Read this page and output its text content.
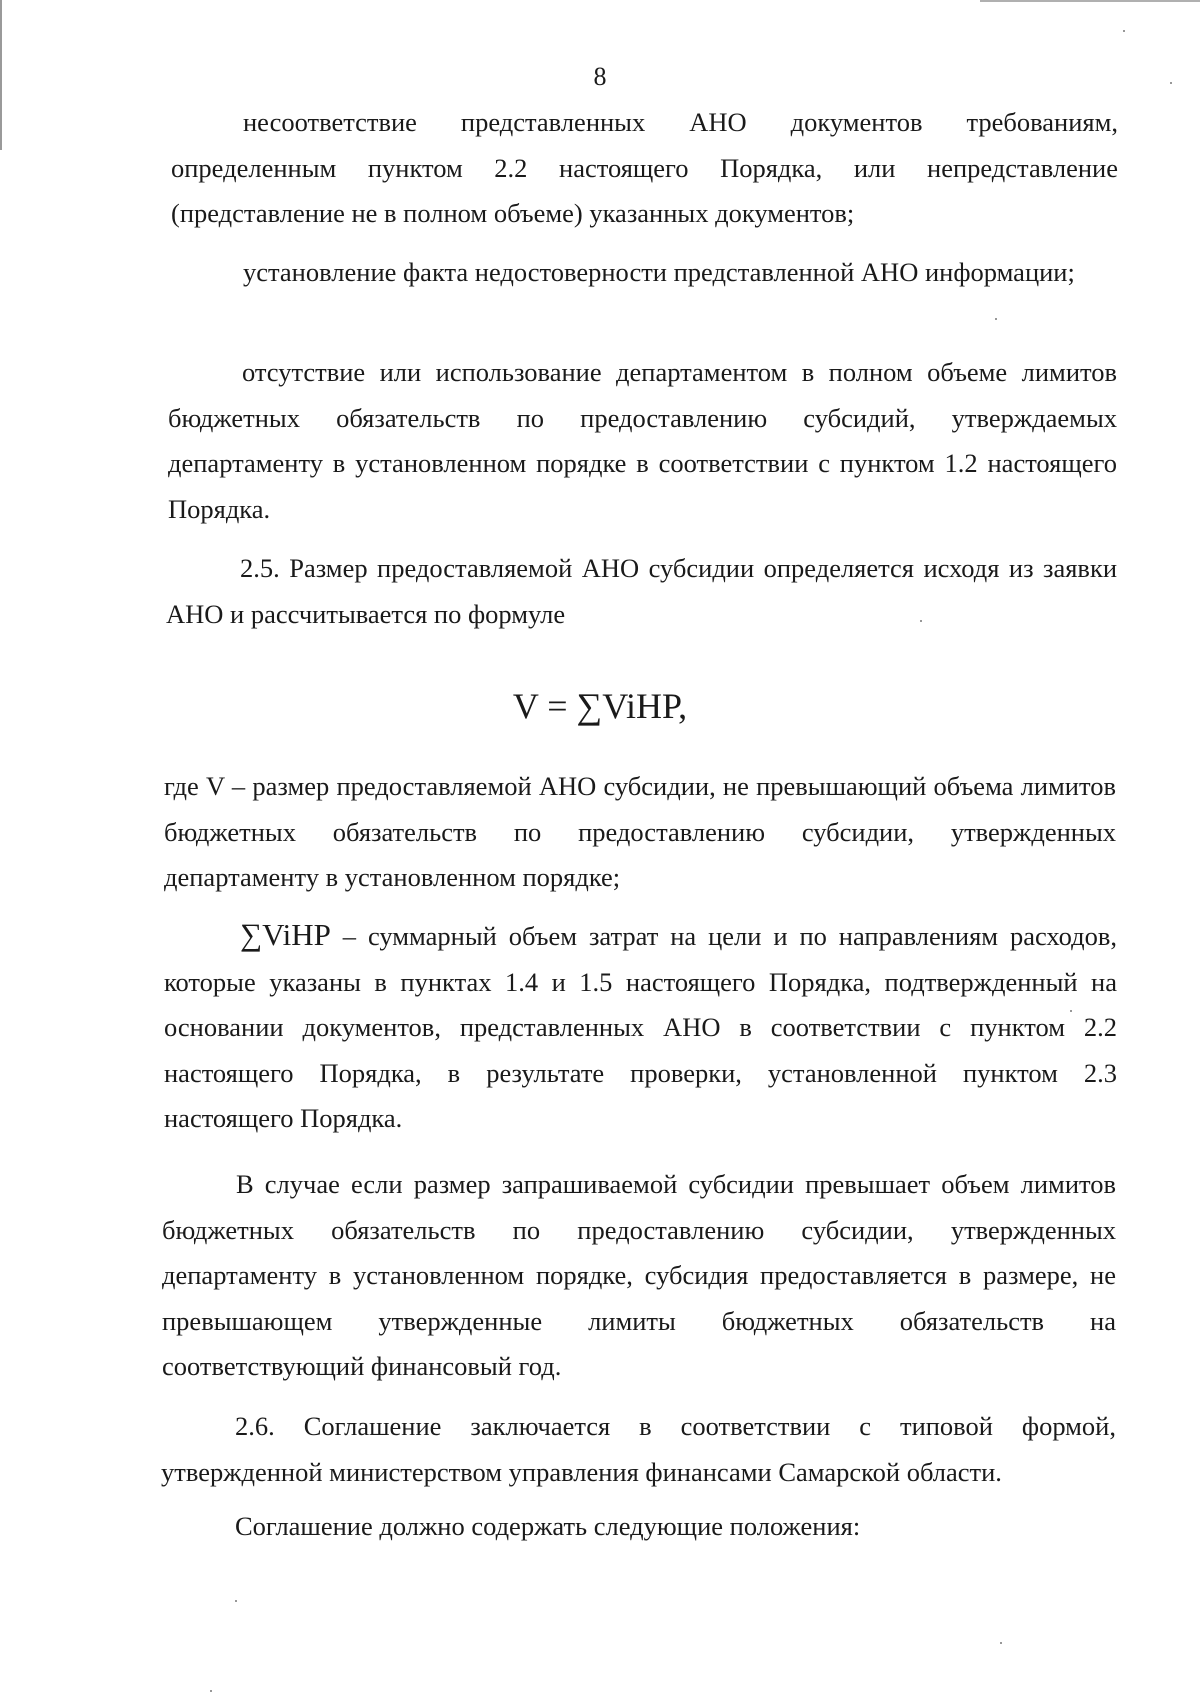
8

несоответствие представленных АНО документов требованиям, определенным пунктом 2.2 настоящего Порядка, или непредставление (представление не в полном объеме) указанных документов;

установление факта недостоверности представленной АНО информации;

отсутствие или использование департаментом в полном объеме лимитов бюджетных обязательств по предоставлению субсидий, утверждаемых департаменту в установленном порядке в соответствии с пунктом 1.2 настоящего Порядка.

2.5. Размер предоставляемой АНО субсидии определяется исходя из заявки АНО и рассчитывается по формуле

V = ∑ViHP,

где V – размер предоставляемой АНО субсидии, не превышающий объема лимитов бюджетных обязательств по предоставлению субсидии, утвержденных департаменту в установленном порядке;

∑ViHP – суммарный объем затрат на цели и по направлениям расходов, которые указаны в пунктах 1.4 и 1.5 настоящего Порядка, подтвержденный на основании документов, представленных АНО в соответствии с пунктом 2.2 настоящего Порядка, в результате проверки, установленной пунктом 2.3 настоящего Порядка.

В случае если размер запрашиваемой субсидии превышает объем лимитов бюджетных обязательств по предоставлению субсидии, утвержденных департаменту в установленном порядке, субсидия предоставляется в размере, не превышающем утвержденные лимиты бюджетных обязательств на соответствующий финансовый год.

2.6. Соглашение заключается в соответствии с типовой формой, утвержденной министерством управления финансами Самарской области.

Соглашение должно содержать следующие положения:
